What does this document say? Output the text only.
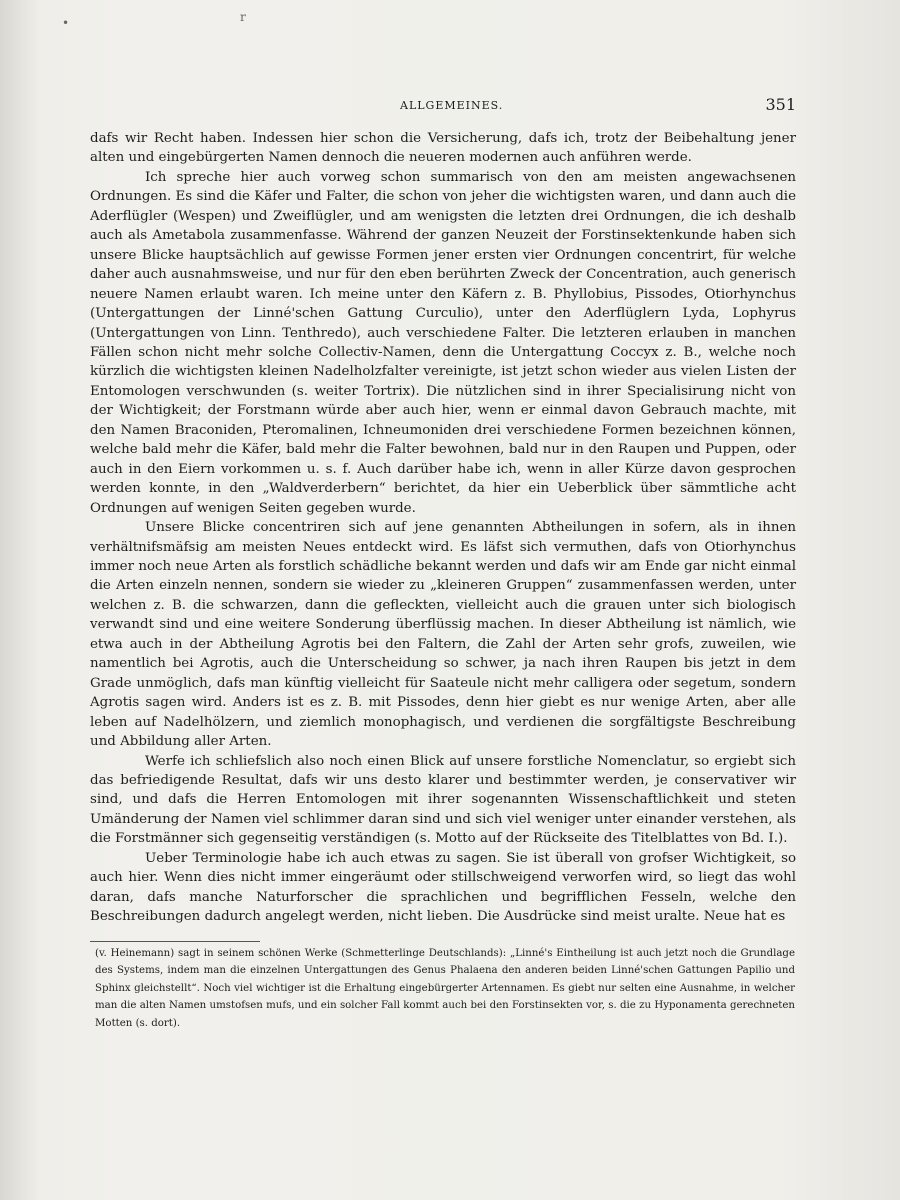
•	r
ALLGEMEINES.	351

dafs wir Recht haben. Indessen hier schon die Versicherung, dafs ich, trotz der Beibehaltung jener alten und eingebürgerten Namen dennoch die neueren modernen auch anführen werde.

Ich spreche hier auch vorweg schon summarisch von den am meisten angewachsenen Ordnungen. Es sind die Käfer und Falter, die schon von jeher die wichtigsten waren, und dann auch die Aderflügler (Wespen) und Zweiflügler, und am wenigsten die letzten drei Ordnungen, die ich deshalb auch als Ametabola zusammenfasse. Während der ganzen Neuzeit der Forstinsektenkunde haben sich unsere Blicke hauptsächlich auf gewisse Formen jener ersten vier Ordnungen concentrirt, für welche daher auch ausnahmsweise, und nur für den eben berührten Zweck der Concentration, auch generisch neuere Namen erlaubt waren. Ich meine unter den Käfern z. B. Phyllobius, Pissodes, Otiorhynchus (Untergattungen der Linné'schen Gattung Curculio), unter den Aderflüglern Lyda, Lophyrus (Untergattungen von Linn. Tenthredo), auch verschiedene Falter. Die letzteren erlauben in manchen Fällen schon nicht mehr solche Collectiv-Namen, denn die Untergattung Coccyx z. B., welche noch kürzlich die wichtigsten kleinen Nadelholzfalter vereinigte, ist jetzt schon wieder aus vielen Listen der Entomologen verschwunden (s. weiter Tortrix). Die nützlichen sind in ihrer Specialisirung nicht von der Wichtigkeit; der Forstmann würde aber auch hier, wenn er einmal davon Gebrauch machte, mit den Namen Braconiden, Pteromalinen, Ichneumoniden drei verschiedene Formen bezeichnen können, welche bald mehr die Käfer, bald mehr die Falter bewohnen, bald nur in den Raupen und Puppen, oder auch in den Eiern vorkommen u. s. f. Auch darüber habe ich, wenn in aller Kürze davon gesprochen werden konnte, in den „Waldverderbern“ berichtet, da hier ein Ueberblick über sämmtliche acht Ordnungen auf wenigen Seiten gegeben wurde.

Unsere Blicke concentriren sich auf jene genannten Abtheilungen in sofern, als in ihnen verhältnifsmäfsig am meisten Neues entdeckt wird. Es läfst sich vermuthen, dafs von Otiorhynchus immer noch neue Arten als forstlich schädliche bekannt werden und dafs wir am Ende gar nicht einmal die Arten einzeln nennen, sondern sie wieder zu „kleineren Gruppen“ zusammenfassen werden, unter welchen z. B. die schwarzen, dann die gefleckten, vielleicht auch die grauen unter sich biologisch verwandt sind und eine weitere Sonderung überflüssig machen. In dieser Abtheilung ist nämlich, wie etwa auch in der Abtheilung Agrotis bei den Faltern, die Zahl der Arten sehr grofs, zuweilen, wie namentlich bei Agrotis, auch die Unterscheidung so schwer, ja nach ihren Raupen bis jetzt in dem Grade unmöglich, dafs man künftig vielleicht für Saateule nicht mehr calligera oder segetum, sondern Agrotis sagen wird. Anders ist es z. B. mit Pissodes, denn hier giebt es nur wenige Arten, aber alle leben auf Nadelhölzern, und ziemlich monophagisch, und verdienen die sorgfältigste Beschreibung und Abbildung aller Arten.

Werfe ich schliefslich also noch einen Blick auf unsere forstliche Nomenclatur, so ergiebt sich das befriedigende Resultat, dafs wir uns desto klarer und bestimmter werden, je conservativer wir sind, und dafs die Herren Entomologen mit ihrer sogenannten Wissenschaftlichkeit und steten Umänderung der Namen viel schlimmer daran sind und sich viel weniger unter einander verstehen, als die Forstmänner sich gegenseitig verständigen (s. Motto auf der Rückseite des Titelblattes von Bd. I.).

Ueber Terminologie habe ich auch etwas zu sagen. Sie ist überall von grofser Wichtigkeit, so auch hier. Wenn dies nicht immer eingeräumt oder stillschweigend verworfen wird, so liegt das wohl daran, dafs manche Naturforscher die sprachlichen und begrifflichen Fesseln, welche den Beschreibungen dadurch angelegt werden, nicht lieben. Die Ausdrücke sind meist uralte. Neue hat es

(v. Heinemann) sagt in seinem schönen Werke (Schmetterlinge Deutschlands): „Linné's Eintheilung ist auch jetzt noch die Grundlage des Systems, indem man die einzelnen Untergattungen des Genus Phalaena den anderen beiden Linné'schen Gattungen Papilio und Sphinx gleichstellt“. Noch viel wichtiger ist die Erhaltung eingebürgerter Artennamen. Es giebt nur selten eine Ausnahme, in welcher man die alten Namen umstofsen mufs, und ein solcher Fall kommt auch bei den Forstinsekten vor, s. die zu Hyponamenta gerechneten Motten (s. dort).
